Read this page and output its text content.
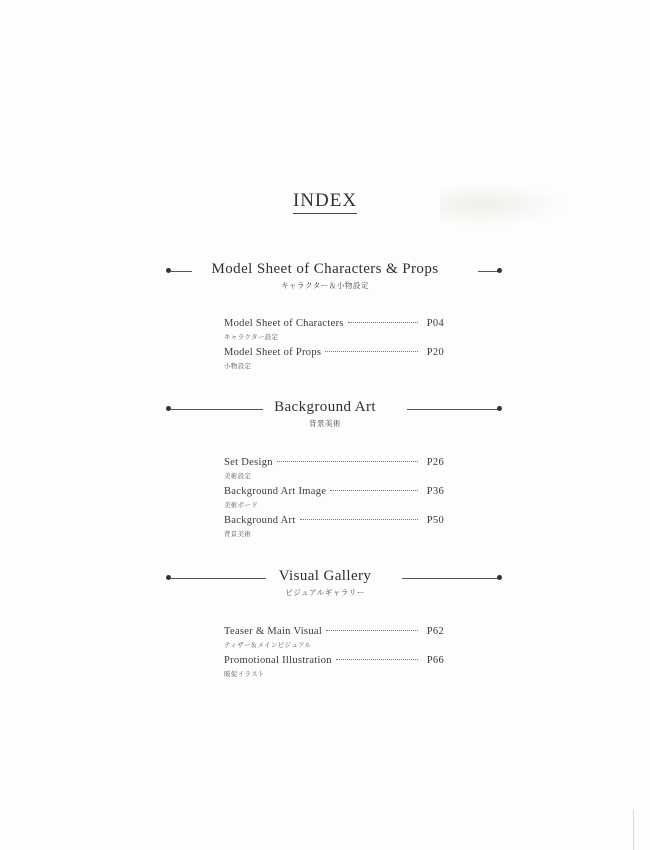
INDEX
Model Sheet of Characters & Props
キャラクター＆小物設定
Model Sheet of Characters	P04
キャラクター設定
Model Sheet of Props	P20
小物設定
Background Art
背景美術
Set Design	P26
美術設定
Background Art Image	P36
美術ボード
Background Art	P50
背景美術
Visual Gallery
ビジュアルギャラリー
Teaser & Main Visual	P62
ティザー＆メインビジュアル
Promotional Illustration	P66
販促イラスト
